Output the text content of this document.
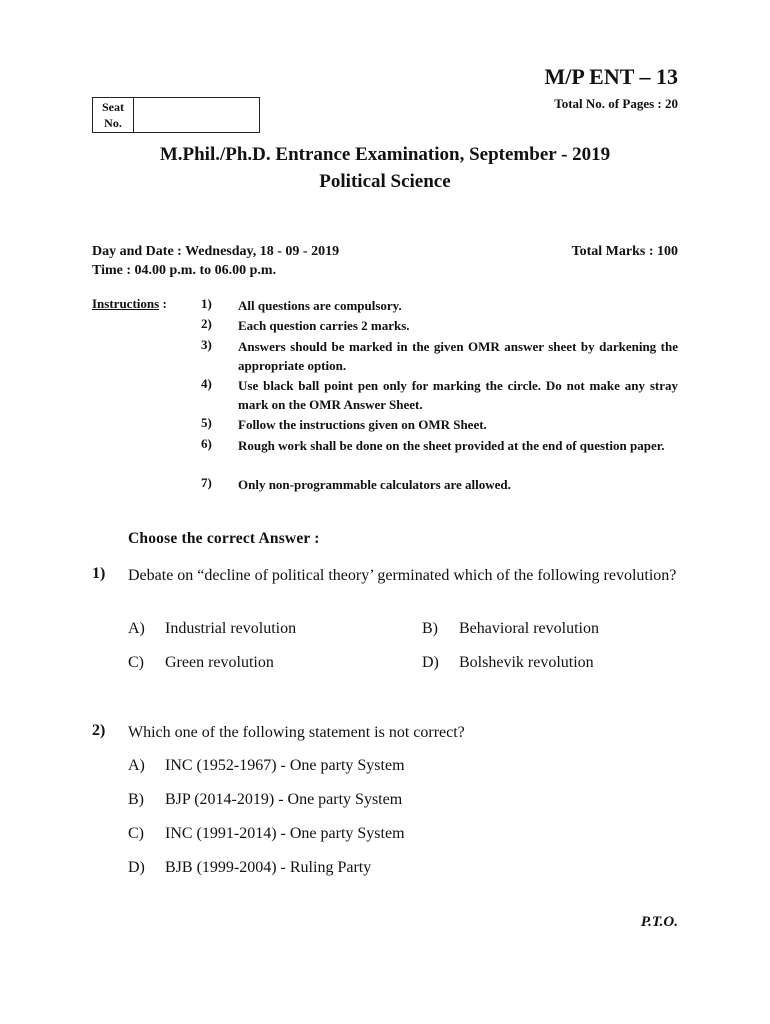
M/P ENT – 13
Total No. of Pages : 20
Seat
No.
M.Phil./Ph.D. Entrance Examination, September - 2019
Political Science
Day and Date : Wednesday, 18 - 09 - 2019
Time : 04.00 p.m. to 06.00 p.m.
Total Marks : 100
Instructions :	1) All questions are compulsory.
2) Each question carries 2 marks.
3) Answers should be marked in the given OMR answer sheet by darkening the appropriate option.
4) Use black ball point pen only for marking the circle. Do not make any stray mark on the OMR Answer Sheet.
5) Follow the instructions given on OMR Sheet.
6) Rough work shall be done on the sheet provided at the end of question paper.
7) Only non-programmable calculators are allowed.
Choose the correct Answer :
1) Debate on “decline of political theory’ germinated which of the following revolution?
A) Industrial revolution	B) Behavioral revolution
C) Green revolution	D) Bolshevik revolution
2) Which one of the following statement is not correct?
A) INC (1952-1967) - One party System
B) BJP (2014-2019) - One party System
C) INC (1991-2014) - One party System
D) BJB (1999-2004) - Ruling Party
P.T.O.
